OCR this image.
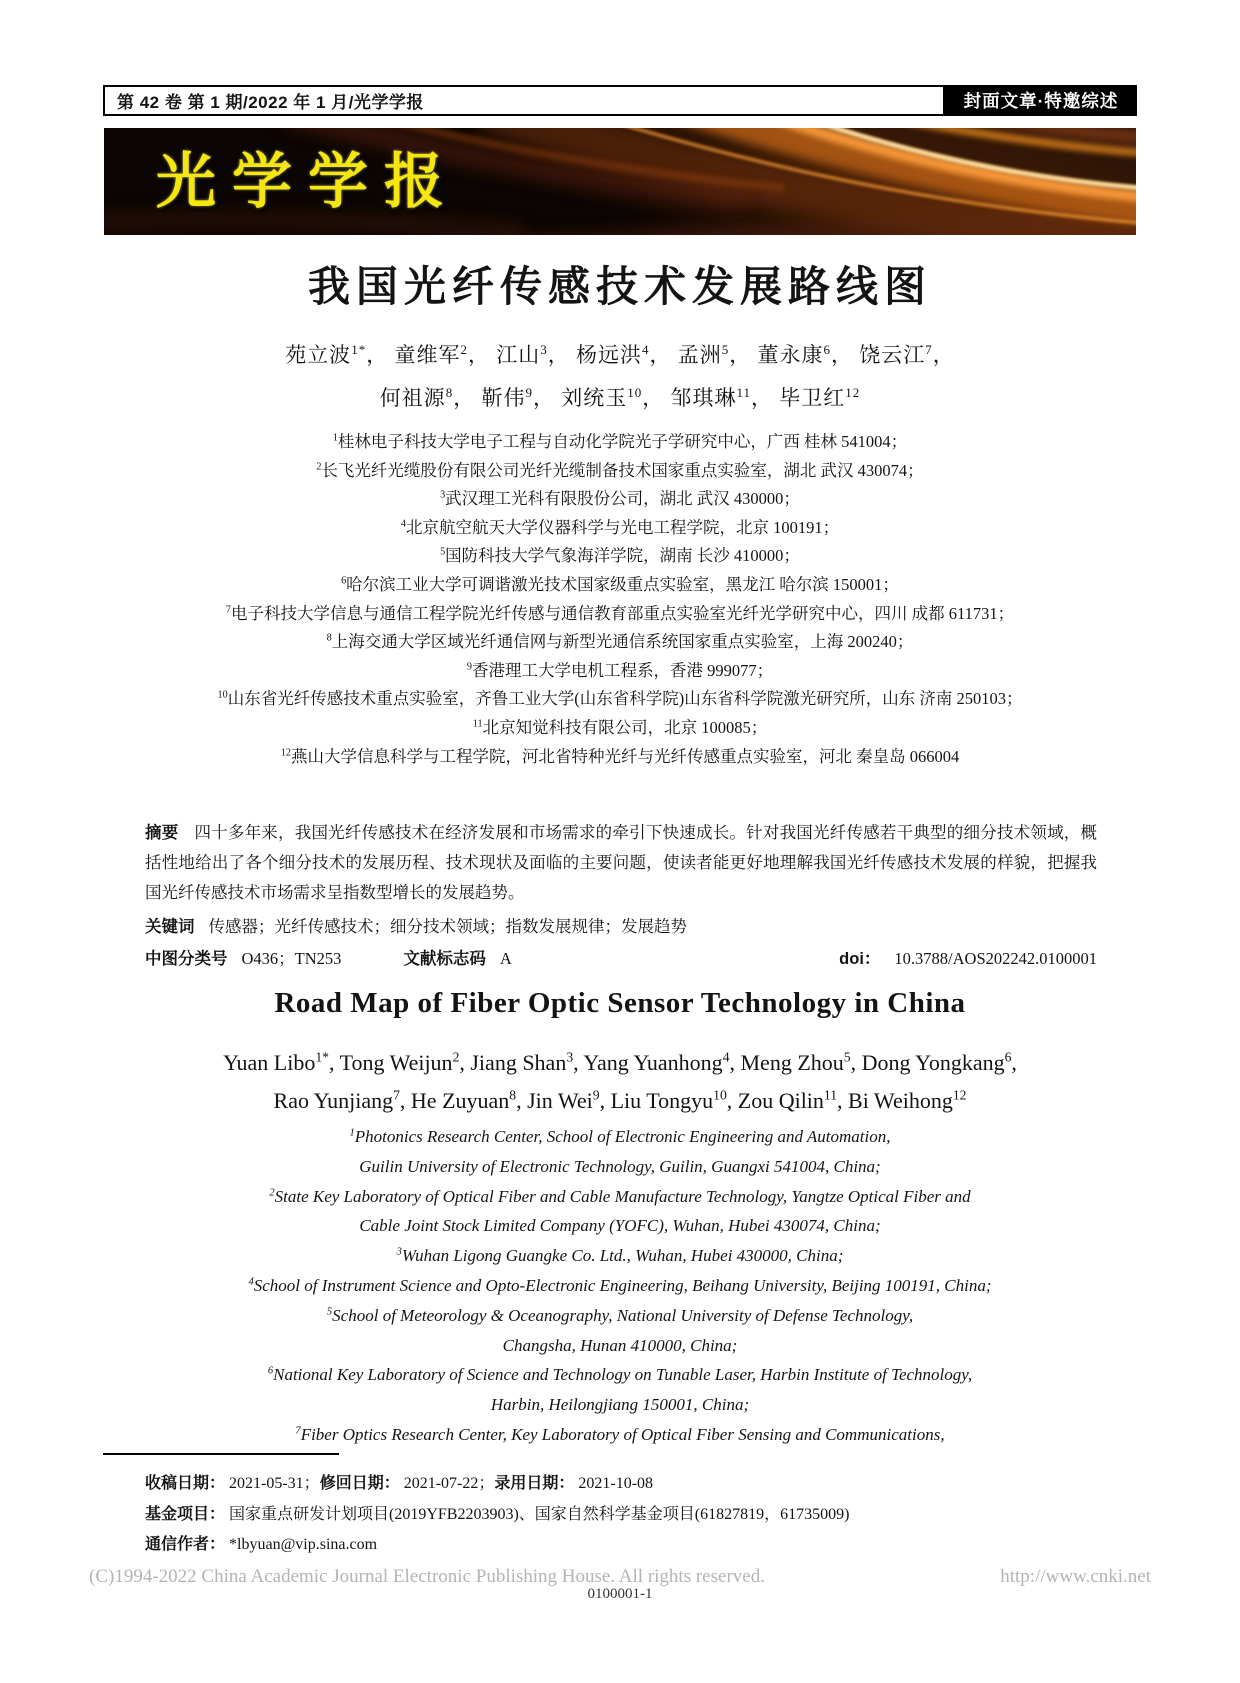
第 42 卷 第 1 期/2022 年 1 月/光学学报	封面文章·特邀综述
光学学报
我国光纤传感技术发展路线图
苑立波$^{1*}$， 童维军$^2$， 江山$^3$， 杨远洪$^4$， 孟洲$^5$， 董永康$^6$， 饶云江$^7$，
何祖源$^8$， 靳伟$^9$， 刘统玉$^{10}$， 邹琪琳$^{11}$， 毕卫红$^{12}$
$^1$桂林电子科技大学电子工程与自动化学院光子学研究中心，广西 桂林 541004；
$^2$长飞光纤光缆股份有限公司光纤光缆制备技术国家重点实验室，湖北 武汉 430074；
$^3$武汉理工光科有限股份公司，湖北 武汉 430000；
$^4$北京航空航天大学仪器科学与光电工程学院，北京 100191；
$^5$国防科技大学气象海洋学院，湖南 长沙 410000；
$^6$哈尔滨工业大学可调谐激光技术国家级重点实验室，黑龙江 哈尔滨 150001；
$^7$电子科技大学信息与通信工程学院光纤传感与通信教育部重点实验室光纤光学研究中心，四川 成都 611731；
$^8$上海交通大学区域光纤通信网与新型光通信系统国家重点实验室，上海 200240；
$^9$香港理工大学电机工程系，香港 999077；
$^{10}$山东省光纤传感技术重点实验室，齐鲁工业大学(山东省科学院)山东省科学院激光研究所，山东 济南 250103；
$^{11}$北京知觉科技有限公司，北京 100085；
$^{12}$燕山大学信息科学与工程学院，河北省特种光纤与光纤传感重点实验室，河北 秦皇岛 066004
摘要 四十多年来，我国光纤传感技术在经济发展和市场需求的牵引下快速成长。针对我国光纤传感若干典型的细分技术领域，概括性地给出了各个细分技术的发展历程、技术现状及面临的主要问题，使读者能更好地理解我国光纤传感技术发展的样貌，把握我国光纤传感技术市场需求呈指数型增长的发展趋势。
关键词 传感器；光纤传感技术；细分技术领域；指数发展规律；发展趋势
中图分类号 O436；TN253	文献标志码 A	doi： 10.3788/AOS202242.0100001
Road Map of Fiber Optic Sensor Technology in China
Yuan Libo$^{1*}$, Tong Weijun$^2$, Jiang Shan$^3$, Yang Yuanhong$^4$, Meng Zhou$^5$, Dong Yongkang$^6$,
Rao Yunjiang$^7$, He Zuyuan$^8$, Jin Wei$^9$, Liu Tongyu$^{10}$, Zou Qilin$^{11}$, Bi Weihong$^{12}$
$^1$Photonics Research Center, School of Electronic Engineering and Automation,
Guilin University of Electronic Technology, Guilin, Guangxi 541004, China;
$^2$State Key Laboratory of Optical Fiber and Cable Manufacture Technology, Yangtze Optical Fiber and
Cable Joint Stock Limited Company (YOFC), Wuhan, Hubei 430074, China;
$^3$Wuhan Ligong Guangke Co. Ltd., Wuhan, Hubei 430000, China;
$^4$School of Instrument Science and Opto-Electronic Engineering, Beihang University, Beijing 100191, China;
$^5$School of Meteorology & Oceanography, National University of Defense Technology,
Changsha, Hunan 410000, China;
$^6$National Key Laboratory of Science and Technology on Tunable Laser, Harbin Institute of Technology,
Harbin, Heilongjiang 150001, China;
$^7$Fiber Optics Research Center, Key Laboratory of Optical Fiber Sensing and Communications,
收稿日期： 2021-05-31；修回日期： 2021-07-22；录用日期： 2021-10-08
基金项目： 国家重点研发计划项目(2019YFB2203903)、国家自然科学基金项目(61827819，61735009)
通信作者： *lbyuan@vip.sina.com
(C)1994-2022 China Academic Journal Electronic Publishing House. All rights reserved.	http://www.cnki.net
0100001-1
